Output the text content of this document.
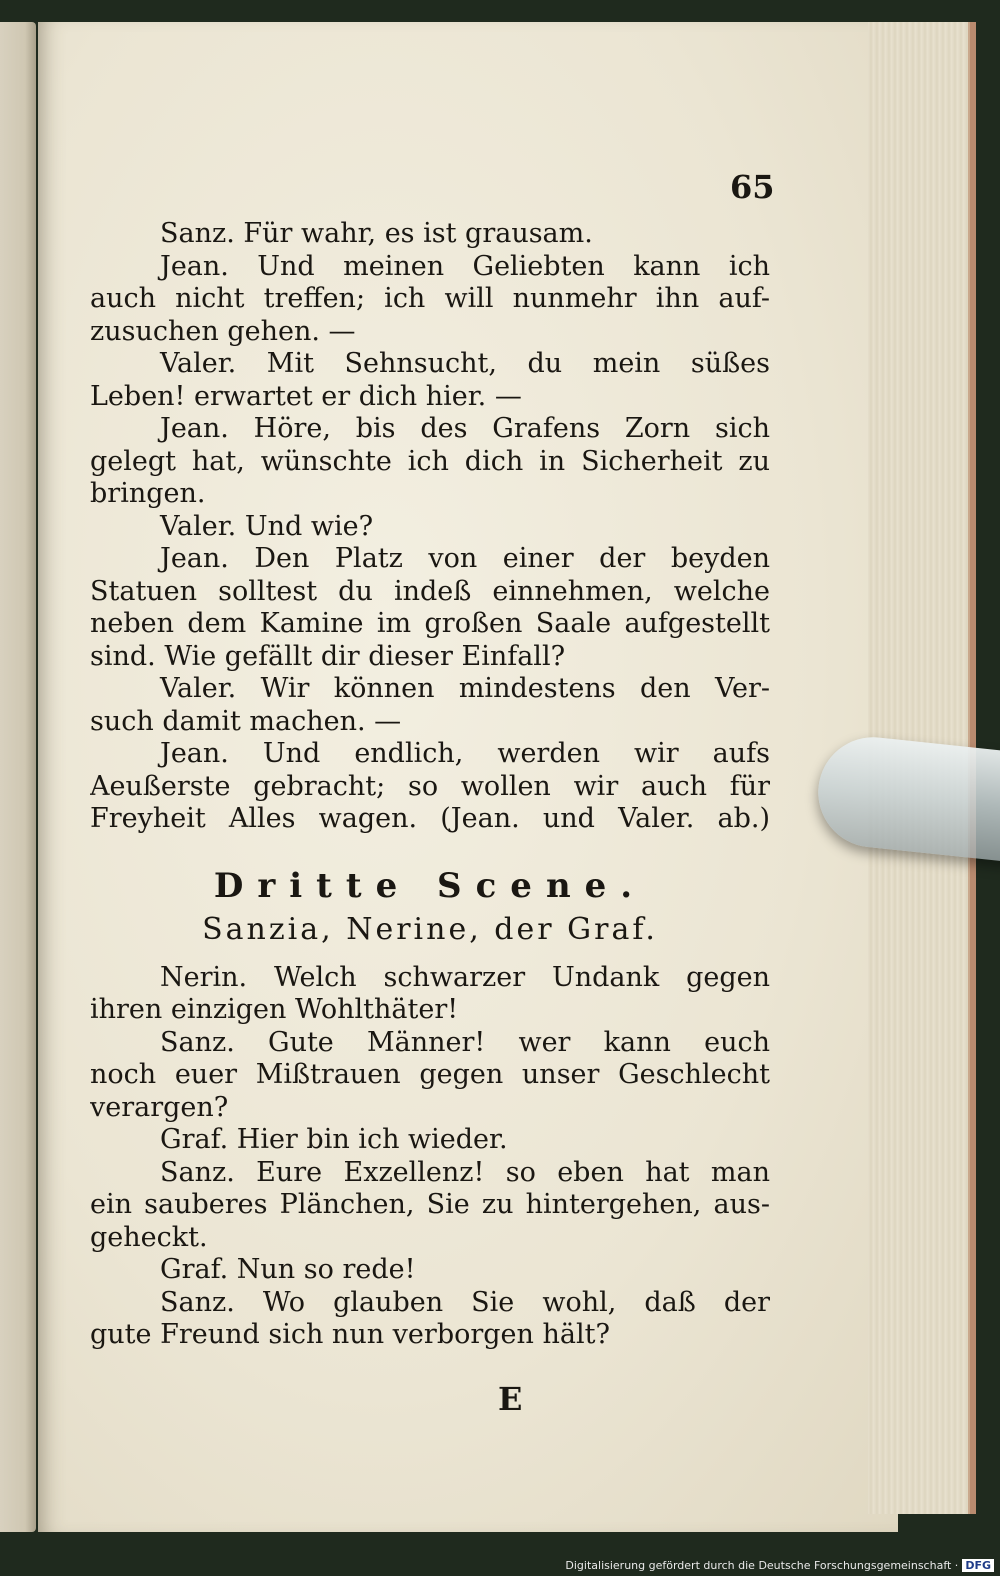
65
Sanz. Für wahr, es ist grausam.
Jean. Und meinen Geliebten kann ich
auch nicht treffen; ich will nunmehr ihn auf-
zusuchen gehen. —
Valer. Mit Sehnsucht, du mein süßes
Leben! erwartet er dich hier. —
Jean. Höre, bis des Grafens Zorn sich
gelegt hat, wünschte ich dich in Sicherheit zu
bringen.
Valer. Und wie?
Jean. Den Platz von einer der beyden
Statuen solltest du indeß einnehmen, welche
neben dem Kamine im großen Saale aufgestellt
sind. Wie gefällt dir dieser Einfall?
Valer. Wir können mindestens den Ver-
such damit machen. —
Jean. Und endlich, werden wir aufs
Aeußerste gebracht; so wollen wir auch für
Freyheit Alles wagen. (Jean. und Valer. ab.)
Dritte Scene.
Sanzia, Nerine, der Graf.
Nerin. Welch schwarzer Undank gegen
ihren einzigen Wohlthäter!
Sanz. Gute Männer! wer kann euch
noch euer Mißtrauen gegen unser Geschlecht
verargen?
Graf. Hier bin ich wieder.
Sanz. Eure Exzellenz! so eben hat man
ein sauberes Plänchen, Sie zu hintergehen, aus-
geheckt.
Graf. Nun so rede!
Sanz. Wo glauben Sie wohl, daß der
gute Freund sich nun verborgen hält?
E
Digitalisierung gefördert durch die Deutsche Forschungsgemeinschaft · DFG
